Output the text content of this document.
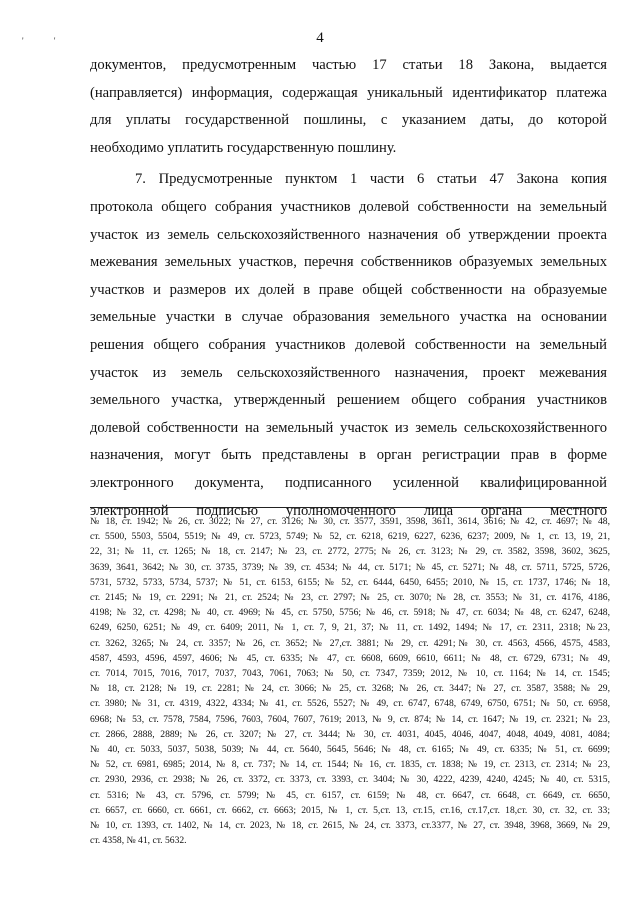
4
' '
документов, предусмотренным частью 17 статьи 18 Закона, выдается
(направляется) информация, содержащая уникальный идентификатор платежа
для уплаты государственной пошлины, с указанием даты, до которой
необходимо уплатить государственную пошлину.
7. Предусмотренные пунктом 1 части 6 статьи 47 Закона копия
протокола общего собрания участников долевой собственности на земельный
участок из земель сельскохозяйственного назначения об утверждении проекта
межевания земельных участков, перечня собственников образуемых земельных
участков и размеров их долей в праве общей собственности на образуемые
земельные участки в случае образования земельного участка на основании
решения общего собрания участников долевой собственности на земельный
участок из земель сельскохозяйственного назначения, проект межевания
земельного участка, утвержденный решением общего собрания участников
долевой собственности на земельный участок из земель сельскохозяйственного
назначения, могут быть представлены в орган регистрации прав в форме
электронного документа, подписанного усиленной квалифицированной
электронной подписью уполномоченного лица органа местного
№ 18, ст. 1942; № 26, ст. 3022; № 27, ст. 3126; № 30, ст. 3577, 3591, 3598, 3611, 3614, 3616; № 42, ст. 4697; № 48,
ст. 5500, 5503, 5504, 5519; № 49, ст. 5723, 5749; № 52, ст. 6218, 6219, 6227, 6236, 6237; 2009, № 1, ст. 13, 19, 21,
22, 31; № 11, ст. 1265; № 18, ст. 2147; № 23, ст. 2772, 2775; № 26, ст. 3123; № 29, ст. 3582, 3598, 3602, 3625,
3639, 3641, 3642; № 30, ст. 3735, 3739; № 39, ст. 4534; № 44, ст. 5171; № 45, ст. 5271; № 48, ст. 5711, 5725, 5726,
5731, 5732, 5733, 5734, 5737; № 51, ст. 6153, 6155; № 52, ст. 6444, 6450, 6455; 2010, № 15, ст. 1737, 1746; № 18,
ст. 2145; № 19, ст. 2291; № 21, ст. 2524; № 23, ст. 2797; № 25, ст. 3070; № 28, ст. 3553; № 31, ст. 4176, 4186,
4198; № 32, ст. 4298; № 40, ст. 4969; № 45, ст. 5750, 5756; № 46, ст. 5918; № 47, ст. 6034; № 48, ст. 6247, 6248,
6249, 6250, 6251; № 49, ст. 6409; 2011, № 1, ст. 7, 9, 21, 37; № 11, ст. 1492, 1494; № 17, ст. 2311, 2318; №23,
ст. 3262, 3265; № 24, ст. 3357; № 26, ст. 3652; № 27,ст. 3881; № 29, ст. 4291;№ 30, ст. 4563, 4566, 4575, 4583,
4587, 4593, 4596, 4597, 4606; № 45, ст. 6335; № 47, ст. 6608, 6609, 6610, 6611; № 48, ст. 6729, 6731; № 49,
ст. 7014, 7015, 7016, 7017, 7037, 7043, 7061, 7063; № 50, ст. 7347, 7359; 2012, № 10, ст. 1164; № 14, ст. 1545;
№ 18, ст. 2128; № 19, ст. 2281; № 24, ст. 3066; № 25, ст. 3268; № 26, ст. 3447; № 27, ст. 3587, 3588; № 29,
ст. 3980; № 31, ст. 4319, 4322, 4334; № 41, ст. 5526, 5527; № 49, ст. 6747, 6748, 6749, 6750, 6751; № 50, ст. 6958,
6968; № 53, ст. 7578, 7584, 7596, 7603, 7604, 7607, 7619; 2013, № 9, ст. 874; № 14, ст. 1647; № 19, ст. 2321; № 23,
ст. 2866, 2888, 2889; № 26, ст. 3207; № 27, ст. 3444; № 30, ст. 4031, 4045, 4046, 4047, 4048, 4049, 4081, 4084;
№ 40, ст. 5033, 5037, 5038, 5039; № 44, ст. 5640, 5645, 5646; № 48, ст. 6165; № 49, ст. 6335; № 51, ст. 6699;
№ 52, ст. 6981, 6985; 2014, № 8, ст. 737; № 14, ст. 1544; № 16, ст. 1835, ст. 1838; № 19, ст. 2313, ст. 2314; № 23,
ст. 2930, 2936, ст. 2938; № 26, ст. 3372, ст. 3373, ст. 3393, ст. 3404; № 30, 4222, 4239, 4240, 4245; № 40, ст. 5315,
ст. 5316; № 43, ст. 5796, ст. 5799; № 45, ст. 6157, ст. 6159; № 48, ст. 6647, ст. 6648, ст. 6649, ст. 6650,
ст. 6657, ст. 6660, ст. 6661, ст. 6662, ст. 6663; 2015, № 1, ст. 5,ст. 13, ст.15, ст.16, ст.17,ст. 18,ст. 30, ст. 32, ст. 33;
№ 10, ст. 1393, ст. 1402, № 14, ст. 2023, № 18, ст. 2615, № 24, ст. 3373, ст.3377, № 27, ст. 3948, 3968, 3669, № 29,
ст. 4358, № 41, ст. 5632.
